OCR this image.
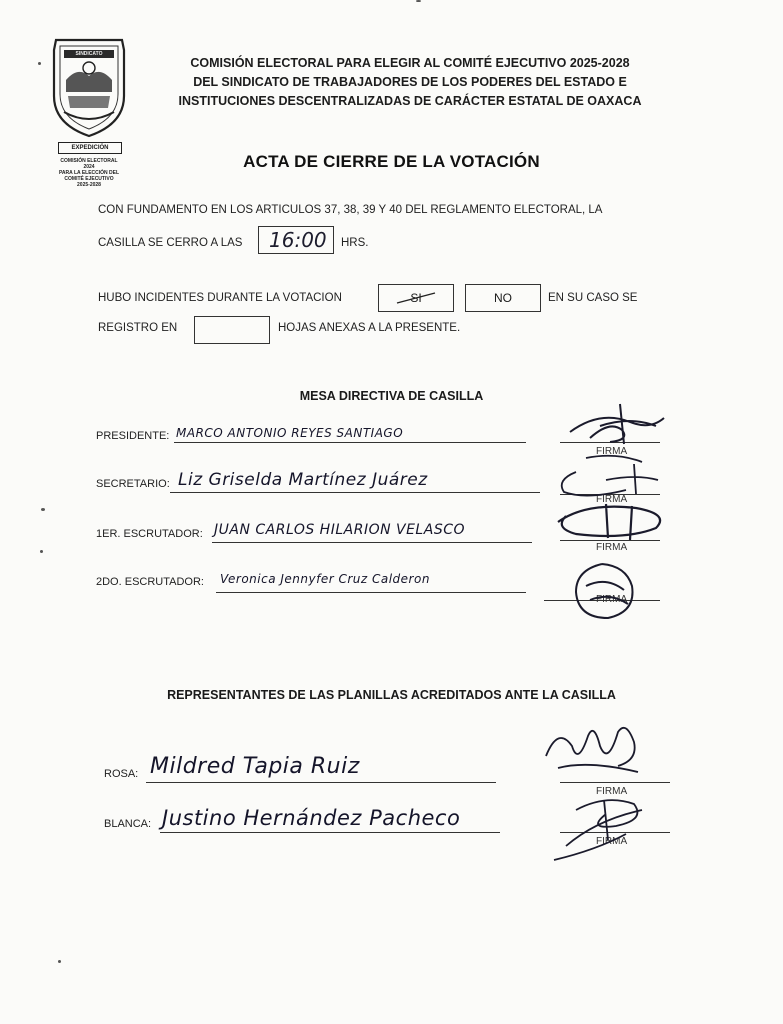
SINDICATO
EXPEDICIÓN
COMISIÓN ELECTORAL
2024
PARA LA ELECCIÓN DEL
COMITÉ EJECUTIVO
2025-2028
COMISIÓN ELECTORAL PARA ELEGIR AL COMITÉ EJECUTIVO 2025-2028
DEL SINDICATO DE TRABAJADORES DE LOS PODERES DEL ESTADO E
INSTITUCIONES DESCENTRALIZADAS DE CARÁCTER ESTATAL DE OAXACA
ACTA DE CIERRE DE LA VOTACIÓN
CON FUNDAMENTO EN LOS ARTICULOS 37, 38, 39 Y 40 DEL REGLAMENTO ELECTORAL, LA
CASILLA SE CERRO A LAS 16:00 HRS.
HUBO INCIDENTES DURANTE LA VOTACION	SI	NO	EN SU CASO SE
REGISTRO EN	HOJAS ANEXAS A LA PRESENTE.
MESA DIRECTIVA DE CASILLA
PRESIDENTE: MARCO ANTONIO REYES SANTIAGO
FIRMA
SECRETARIO: Liz Griselda Martínez Juárez
FIRMA
1ER. ESCRUTADOR: JUAN CARLOS HILARION VELASCO
FIRMA
2DO. ESCRUTADOR: Veronica Jennyfer Cruz Calderon
FIRMA
REPRESENTANTES DE LAS PLANILLAS ACREDITADOS ANTE LA CASILLA
ROSA: Mildred Tapia Ruiz
FIRMA
BLANCA: Justino Hernández Pacheco
FIRMA
